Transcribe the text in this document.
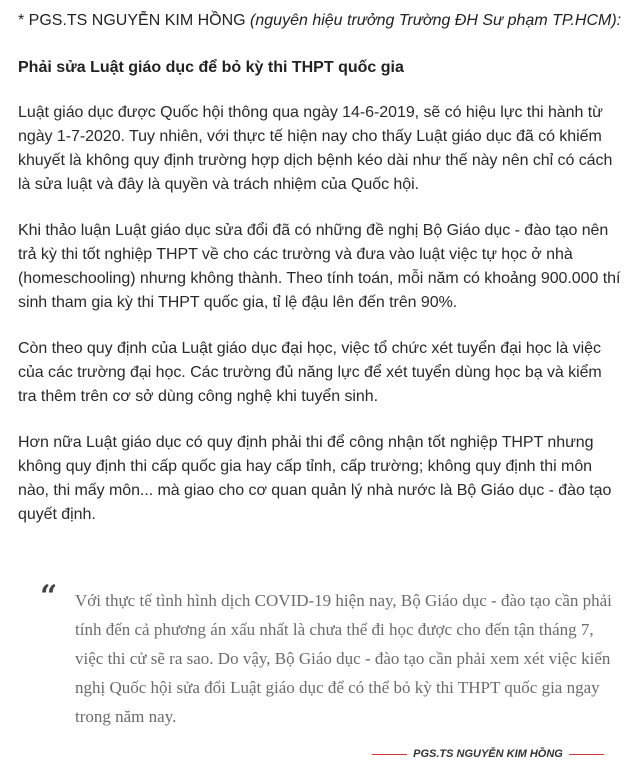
* PGS.TS NGUYỄN KIM HỒNG (nguyên hiệu trưởng Trường ĐH Sư phạm TP.HCM):

Phải sửa Luật giáo dục để bỏ kỳ thi THPT quốc gia

Luật giáo dục được Quốc hội thông qua ngày 14-6-2019, sẽ có hiệu lực thi hành từ ngày 1-7-2020. Tuy nhiên, với thực tế hiện nay cho thấy Luật giáo dục đã có khiếm khuyết là không quy định trường hợp dịch bệnh kéo dài như thế này nên chỉ có cách là sửa luật và đây là quyền và trách nhiệm của Quốc hội.

Khi thảo luận Luật giáo dục sửa đổi đã có những đề nghị Bộ Giáo dục - đào tạo nên trả kỳ thi tốt nghiệp THPT về cho các trường và đưa vào luật việc tự học ở nhà (homeschooling) nhưng không thành. Theo tính toán, mỗi năm có khoảng 900.000 thí sinh tham gia kỳ thi THPT quốc gia, tỉ lệ đậu lên đến trên 90%.

Còn theo quy định của Luật giáo dục đại học, việc tổ chức xét tuyển đại học là việc của các trường đại học. Các trường đủ năng lực để xét tuyển dùng học bạ và kiểm tra thêm trên cơ sở dùng công nghệ khi tuyển sinh.

Hơn nữa Luật giáo dục có quy định phải thi để công nhận tốt nghiệp THPT nhưng không quy định thi cấp quốc gia hay cấp tỉnh, cấp trường; không quy định thi môn nào, thi mấy môn... mà giao cho cơ quan quản lý nhà nước là Bộ Giáo dục - đào tạo quyết định.

“ Với thực tế tình hình dịch COVID-19 hiện nay, Bộ Giáo dục - đào tạo cần phải tính đến cả phương án xấu nhất là chưa thể đi học được cho đến tận tháng 7, việc thi cử sẽ ra sao. Do vậy, Bộ Giáo dục - đào tạo cần phải xem xét việc kiến nghị Quốc hội sửa đổi Luật giáo dục để có thể bỏ kỳ thi THPT quốc gia ngay trong năm nay.

PGS.TS NGUYỄN KIM HỒNG
